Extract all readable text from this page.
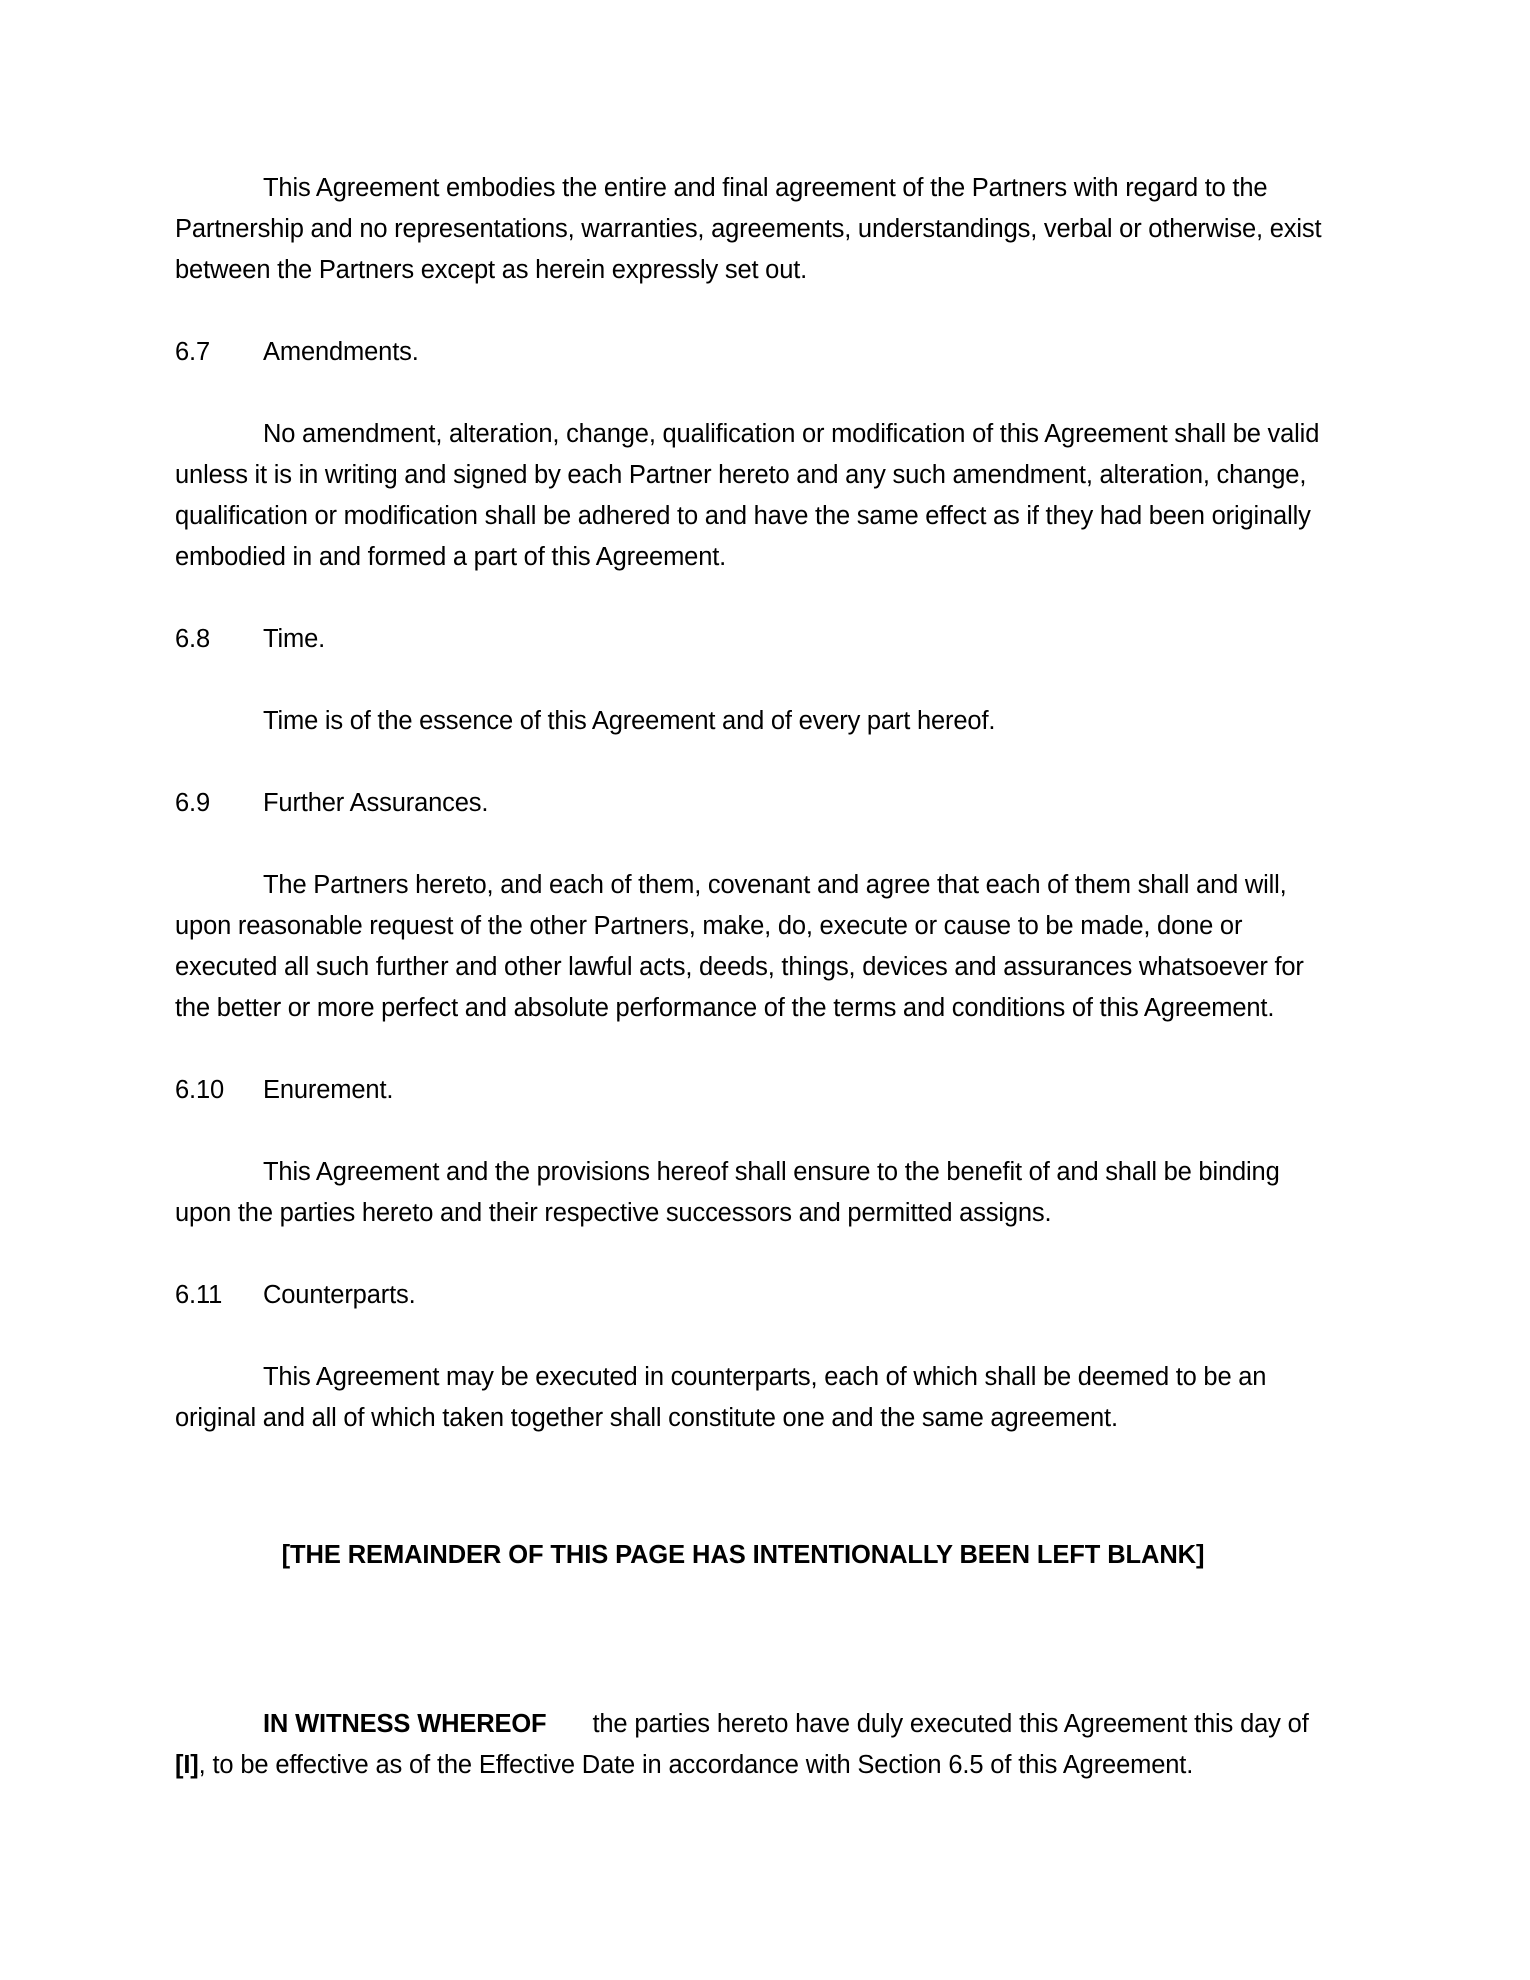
This Agreement embodies the entire and final agreement of the Partners with regard to the Partnership and no representations, warranties, agreements, understandings, verbal or otherwise, exist between the Partners except as herein expressly set out.

6.7	Amendments.

No amendment, alteration, change, qualification or modification of this Agreement shall be valid unless it is in writing and signed by each Partner hereto and any such amendment, alteration, change, qualification or modification shall be adhered to and have the same effect as if they had been originally embodied in and formed a part of this Agreement.

6.8	Time.

Time is of the essence of this Agreement and of every part hereof.

6.9	Further Assurances.

The Partners hereto, and each of them, covenant and agree that each of them shall and will, upon reasonable request of the other Partners, make, do, execute or cause to be made, done or executed all such further and other lawful acts, deeds, things, devices and assurances whatsoever for the better or more perfect and absolute performance of the terms and conditions of this Agreement.

6.10	Enurement.

This Agreement and the provisions hereof shall ensure to the benefit of and shall be binding upon the parties hereto and their respective successors and permitted assigns.

6.11	Counterparts.

This Agreement may be executed in counterparts, each of which shall be deemed to be an original and all of which taken together shall constitute one and the same agreement.

[THE REMAINDER OF THIS PAGE HAS INTENTIONALLY BEEN LEFT BLANK]

IN WITNESS WHEREOF the parties hereto have duly executed this Agreement this day of [I], to be effective as of the Effective Date in accordance with Section 6.5 of this Agreement.
